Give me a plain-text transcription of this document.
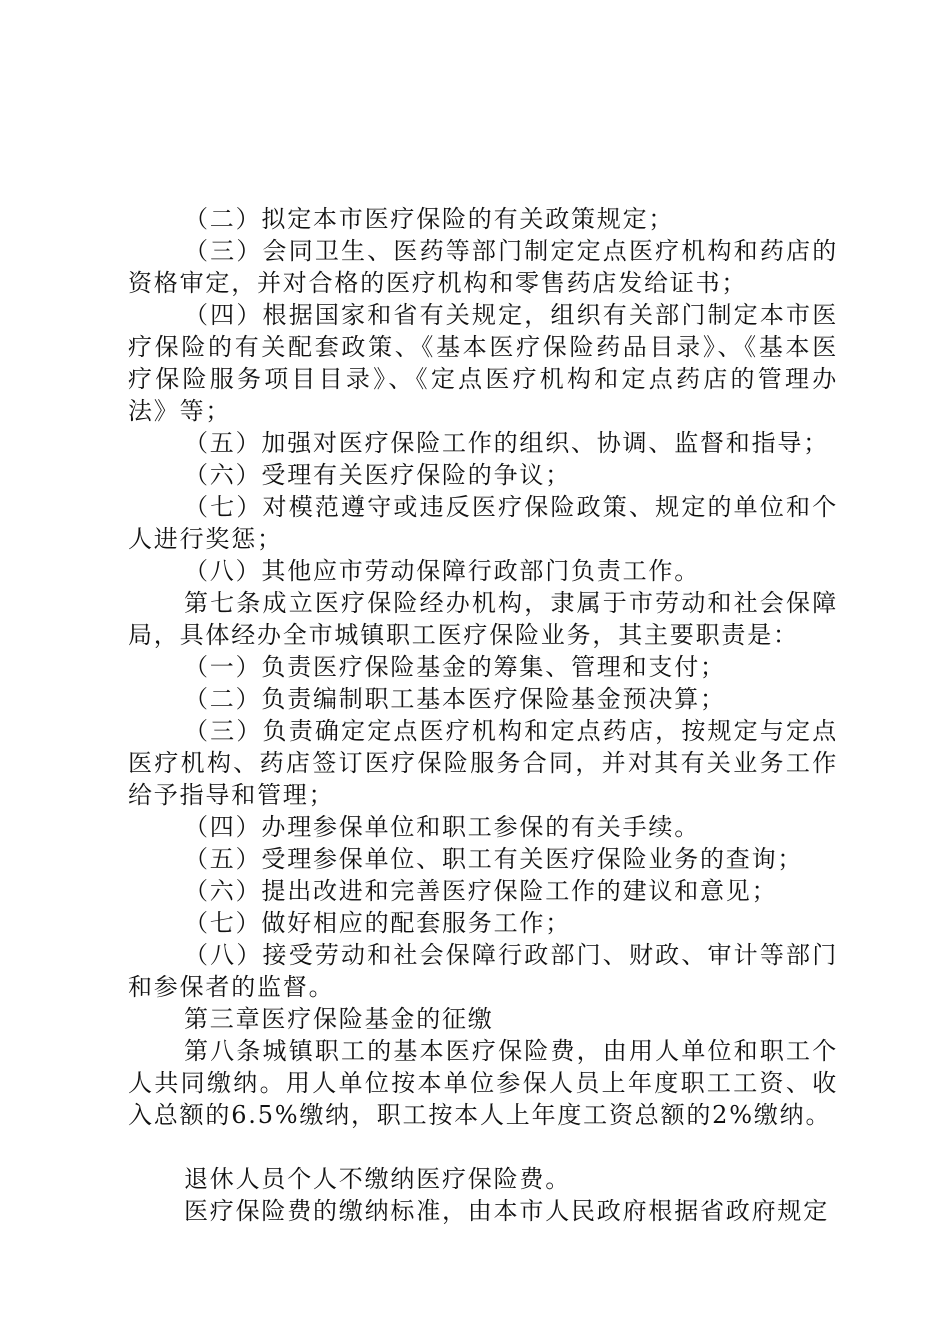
（二）拟定本市医疗保险的有关政策规定；

（三）会同卫生、医药等部门制定定点医疗机构和药店的资格审定，并对合格的医疗机构和零售药店发给证书；

（四）根据国家和省有关规定，组织有关部门制定本市医疗保险的有关配套政策、《基本医疗保险药品目录》、《基本医疗保险服务项目目录》、《定点医疗机构和定点药店的管理办法》等；

（五）加强对医疗保险工作的组织、协调、监督和指导；

（六）受理有关医疗保险的争议；

（七）对模范遵守或违反医疗保险政策、规定的单位和个人进行奖惩；

（八）其他应市劳动保障行政部门负责工作。

第七条成立医疗保险经办机构，隶属于市劳动和社会保障局，具体经办全市城镇职工医疗保险业务，其主要职责是：

（一）负责医疗保险基金的筹集、管理和支付；

（二）负责编制职工基本医疗保险基金预决算；

（三）负责确定定点医疗机构和定点药店，按规定与定点医疗机构、药店签订医疗保险服务合同，并对其有关业务工作给予指导和管理；

（四）办理参保单位和职工参保的有关手续。

（五）受理参保单位、职工有关医疗保险业务的查询；

（六）提出改进和完善医疗保险工作的建议和意见；

（七）做好相应的配套服务工作；

（八）接受劳动和社会保障行政部门、财政、审计等部门和参保者的监督。

第三章医疗保险基金的征缴

第八条城镇职工的基本医疗保险费，由用人单位和职工个人共同缴纳。用人单位按本单位参保人员上年度职工工资、收入总额的6.5%缴纳，职工按本人上年度工资总额的2%缴纳。

退休人员个人不缴纳医疗保险费。

医疗保险费的缴纳标准，由本市人民政府根据省政府规定
